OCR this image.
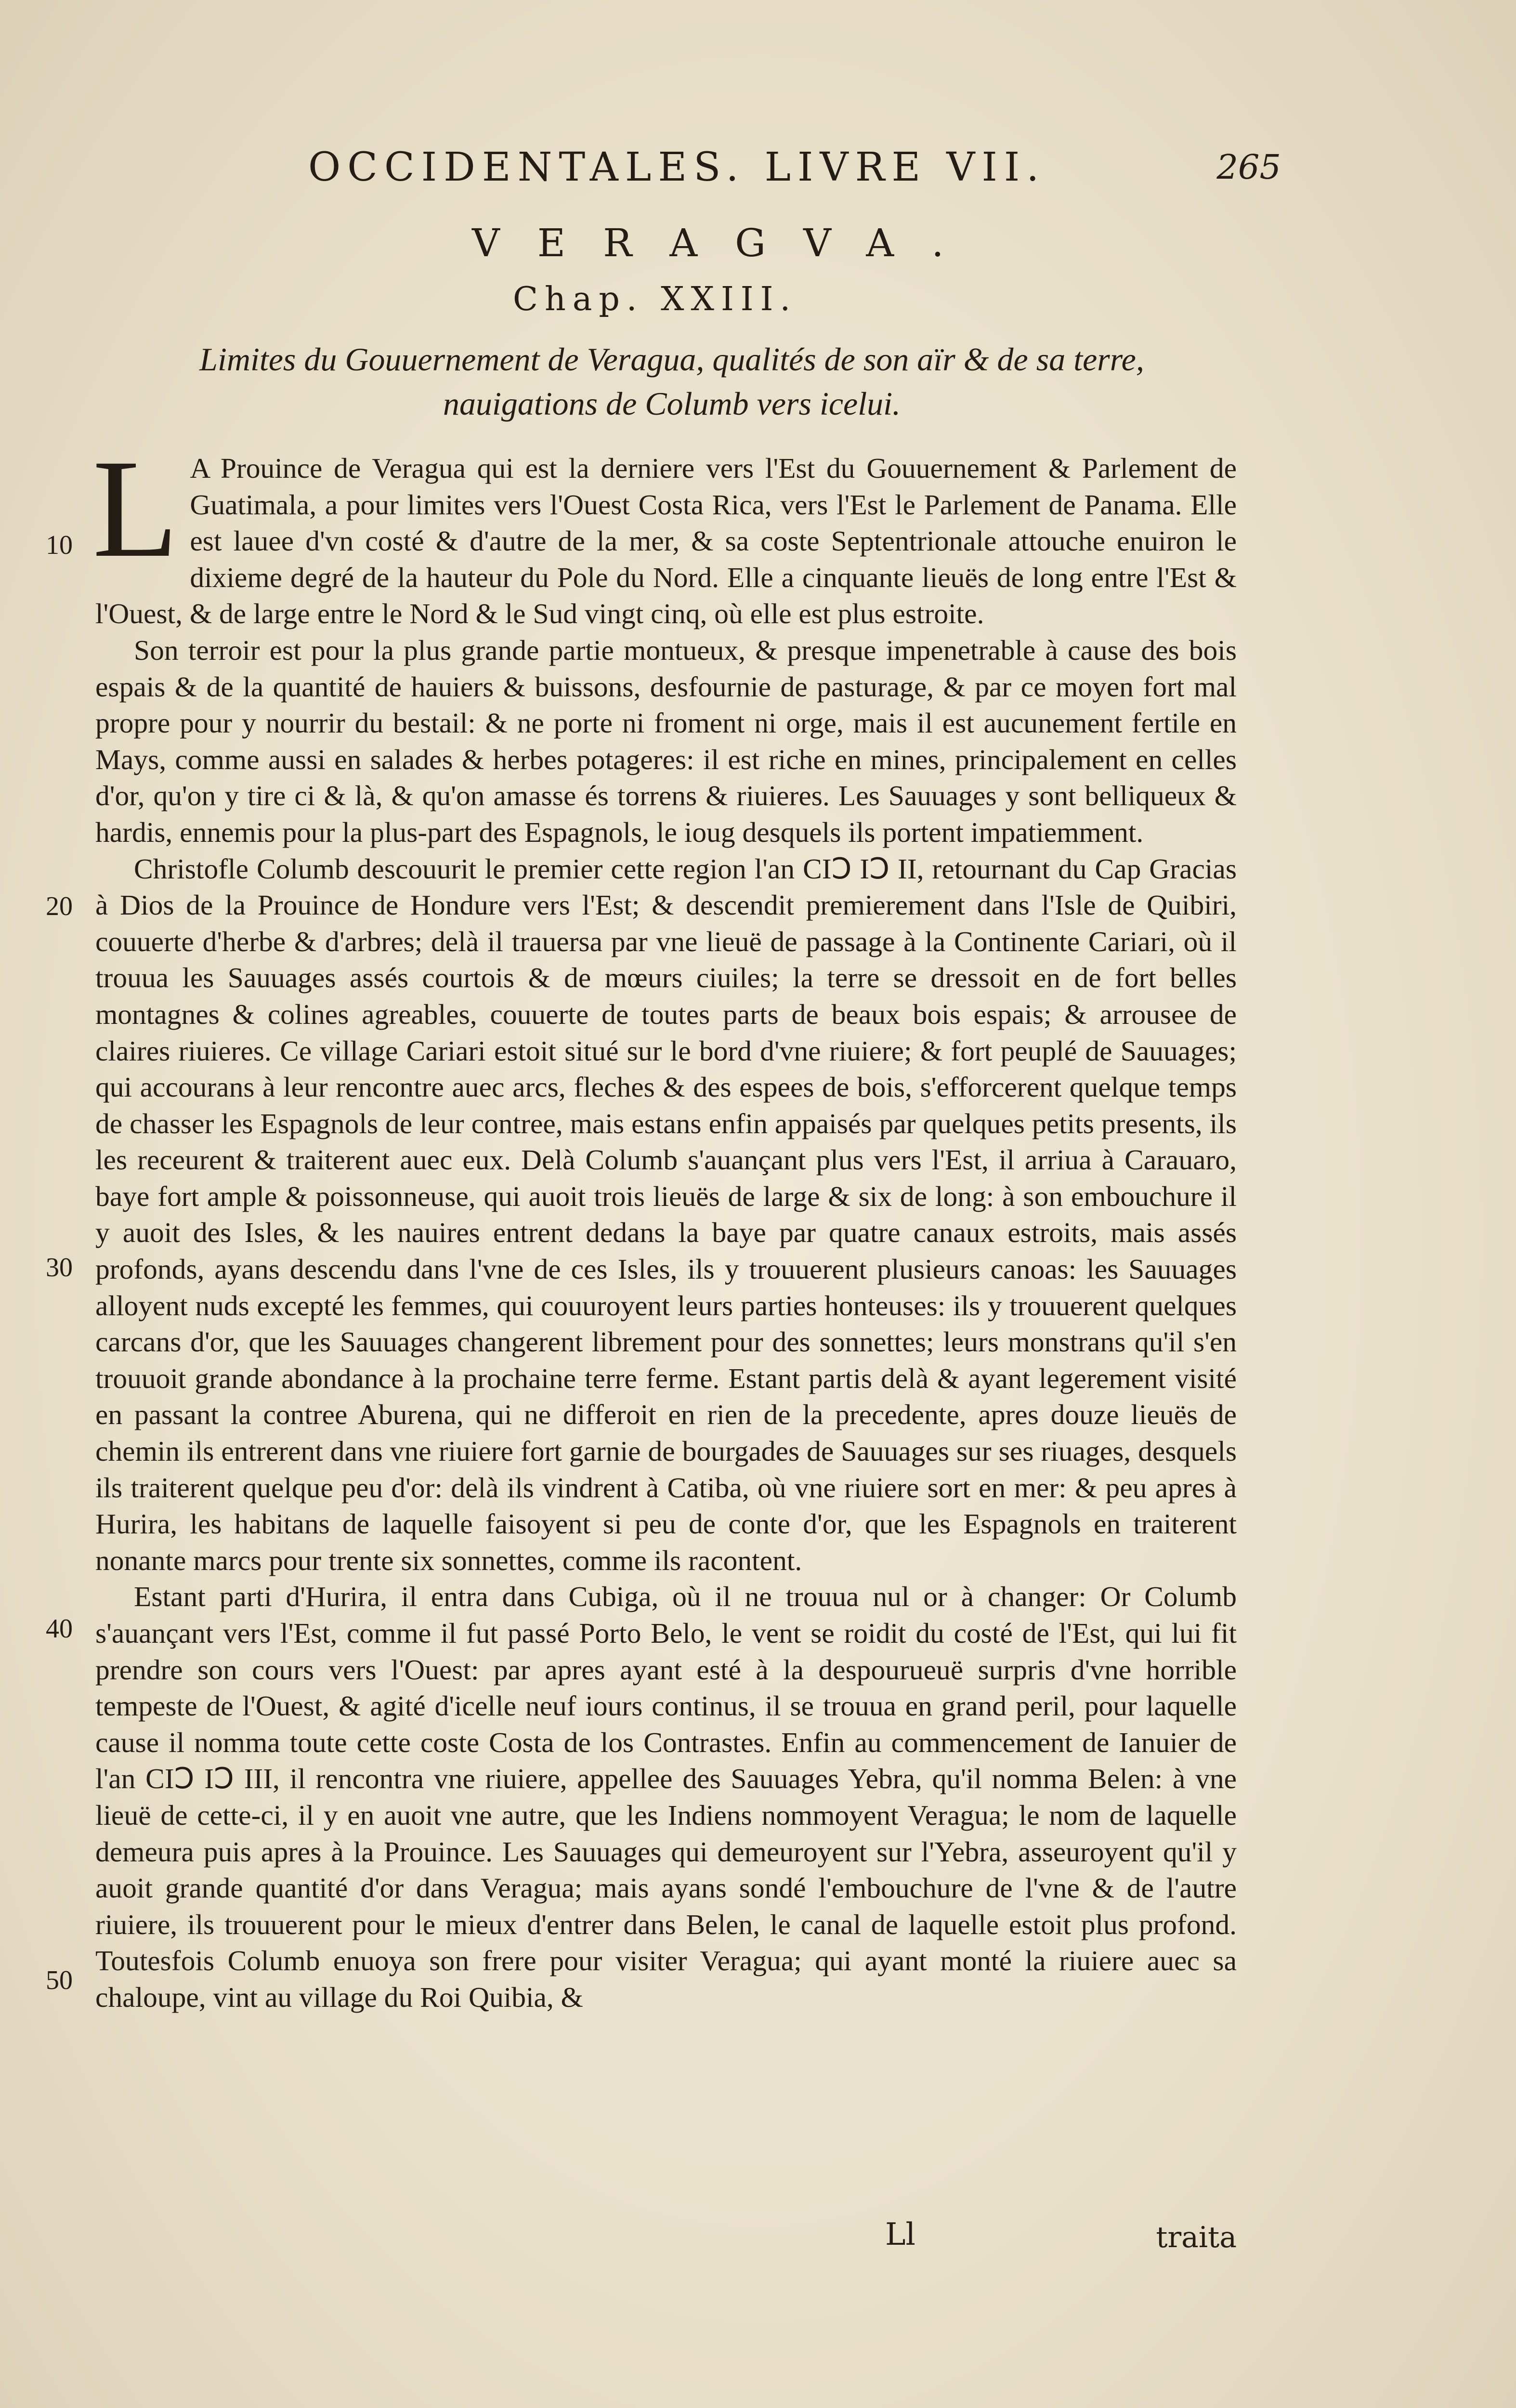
OCCIDENTALES. LIVRE VII.	265
VERAGVA.
Chap. XXIII.
Limites du Gouuernement de Veragua, qualités de son aïr & de sa terre, nauigations de Columb vers icelui.

L A Prouince de Veragua qui est la derniere vers l'Est du Gouuernement & Parlement de Guatimala, a pour limites vers l'Ouest Costa Rica, vers l'Est le Parlement de Panama. Elle est lauee d'vn costé & d'autre de la mer, & sa coste Septentrionale attouche enuiron le dixieme degré de la hauteur du Pole du Nord. Elle a cinquante lieuës de long entre l'Est & l'Ouest, & de large entre le Nord & le Sud vingt cinq, où elle est plus estroite.

Son terroir est pour la plus grande partie montueux, & presque impenetrable à cause des bois espais & de la quantité de hauiers & buissons, desfournie de pasturage, & par ce moyen fort mal propre pour y nourrir du bestail: & ne porte ni froment ni orge, mais il est aucunement fertile en Mays, comme aussi en salades & herbes potageres: il est riche en mines, principalement en celles d'or, qu'on y tire ci & là, & qu'on amasse és torrens & riuieres. Les Sauuages y sont belliqueux & hardis, ennemis pour la plus-part des Espagnols, le ioug desquels ils portent impatiemment.

Christofle Columb descouurit le premier cette region l'an CIↃ IↃ II, retournant du Cap Gracias à Dios de la Prouince de Hondure vers l'Est; & descendit premierement dans l'Isle de Quibiri, couuerte d'herbe & d'arbres; delà il trauersa par vne lieuë de passage à la Continente Cariari, où il trouua les Sauuages assés courtois & de mœurs ciuiles; la terre se dressoit en de fort belles montagnes & colines agreables, couuerte de toutes parts de beaux bois espais; & arrousee de claires riuieres. Ce village Cariari estoit situé sur le bord d'vne riuiere; & fort peuplé de Sauuages; qui accourans à leur rencontre auec arcs, fleches & des espees de bois, s'efforcerent quelque temps de chasser les Espagnols de leur contree, mais estans enfin appaisés par quelques petits presents, ils les receurent & traiterent auec eux. Delà Columb s'auançant plus vers l'Est, il arriua à Carauaro, baye fort ample & poissonneuse, qui auoit trois lieuës de large & six de long: à son embouchure il y auoit des Isles, & les nauires entrent dedans la baye par quatre canaux estroits, mais assés profonds, ayans descendu dans l'vne de ces Isles, ils y trouuerent plusieurs canoas: les Sauuages alloyent nuds excepté les femmes, qui couuroyent leurs parties honteuses: ils y trouuerent quelques carcans d'or, que les Sauuages changerent librement pour des sonnettes; leurs monstrans qu'il s'en trouuoit grande abondance à la prochaine terre ferme. Estant partis delà & ayant legerement visité en passant la contree Aburena, qui ne differoit en rien de la precedente, apres douze lieuës de chemin ils entrerent dans vne riuiere fort garnie de bourgades de Sauuages sur ses riuages, desquels ils traiterent quelque peu d'or: delà ils vindrent à Catiba, où vne riuiere sort en mer: & peu apres à Hurira, les habitans de laquelle faisoyent si peu de conte d'or, que les Espagnols en traiterent nonante marcs pour trente six sonnettes, comme ils racontent.

Estant parti d'Hurira, il entra dans Cubiga, où il ne trouua nul or à changer: Or Columb s'auançant vers l'Est, comme il fut passé Porto Belo, le vent se roidit du costé de l'Est, qui lui fit prendre son cours vers l'Ouest: par apres ayant esté à la despourueuë surpris d'vne horrible tempeste de l'Ouest, & agité d'icelle neuf iours continus, il se trouua en grand peril, pour laquelle cause il nomma toute cette coste Costa de los Contrastes. Enfin au commencement de Ianuier de l'an CIↃ IↃ III, il rencontra vne riuiere, appellee des Sauuages Yebra, qu'il nomma Belen: à vne lieuë de cette-ci, il y en auoit vne autre, que les Indiens nommoyent Veragua; le nom de laquelle demeura puis apres à la Prouince. Les Sauuages qui demeuroyent sur l'Yebra, asseuroyent qu'il y auoit grande quantité d'or dans Veragua; mais ayans sondé l'embouchure de l'vne & de l'autre riuiere, ils trouuerent pour le mieux d'entrer dans Belen, le canal de laquelle estoit plus profond. Toutesfois Columb enuoya son frere pour visiter Veragua; qui ayant monté la riuiere auec sa chaloupe, vint au village du Roi Quibia, &

10
20
30
40
50
Ll	traita
